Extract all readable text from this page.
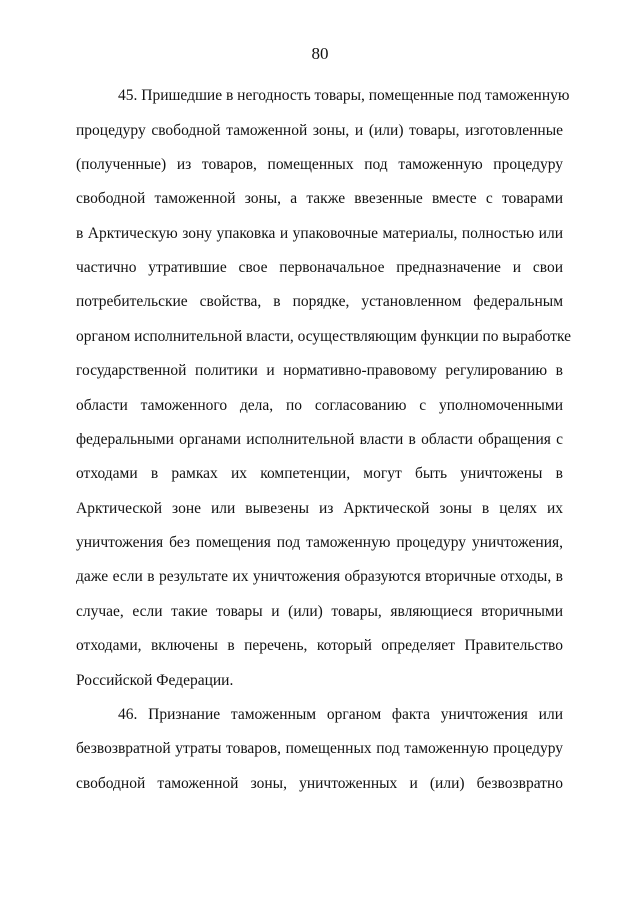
80
45. Пришедшие в негодность товары, помещенные под таможенную
процедуру свободной таможенной зоны, и (или) товары, изготовленные
(полученные) из товаров, помещенных под таможенную процедуру
свободной таможенной зоны, а также ввезенные вместе с товарами
в Арктическую зону упаковка и упаковочные материалы, полностью или
частично утратившие свое первоначальное предназначение и свои
потребительские свойства, в порядке, установленном федеральным
органом исполнительной власти, осуществляющим функции по выработке
государственной политики и нормативно-правовому регулированию в
области таможенного дела, по согласованию с уполномоченными
федеральными органами исполнительной власти в области обращения с
отходами в рамках их компетенции, могут быть уничтожены в
Арктической зоне или вывезены из Арктической зоны в целях их
уничтожения без помещения под таможенную процедуру уничтожения,
даже если в результате их уничтожения образуются вторичные отходы, в
случае, если такие товары и (или) товары, являющиеся вторичными
отходами, включены в перечень, который определяет Правительство
Российской Федерации.
46. Признание таможенным органом факта уничтожения или
безвозвратной утраты товаров, помещенных под таможенную процедуру
свободной таможенной зоны, уничтоженных и (или) безвозвратно
